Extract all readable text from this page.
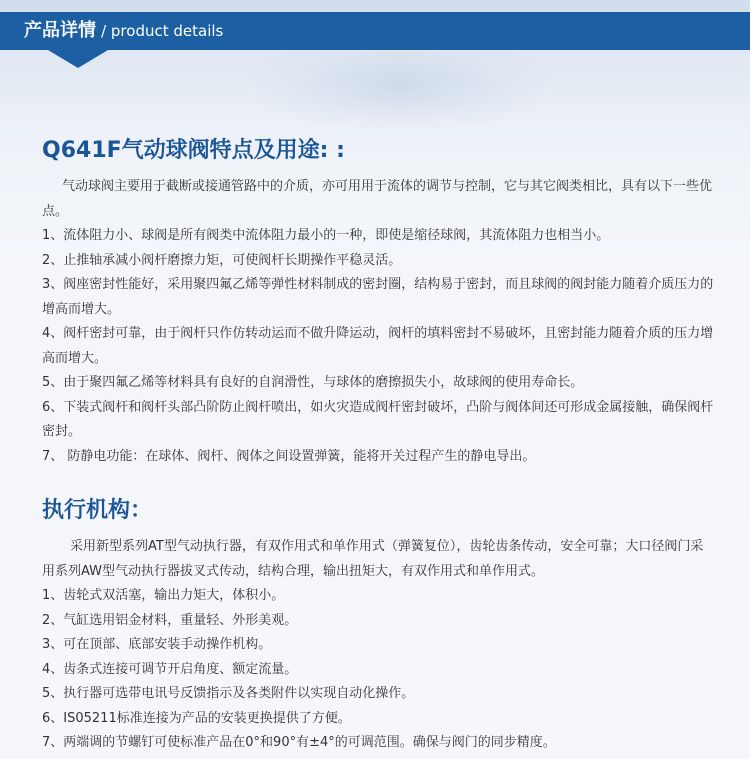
产品详情 / product details
Q641F气动球阀特点及用途: :

气动球阀主要用于截断或接通管路中的介质，亦可用用于流体的调节与控制，它与其它阀类相比，具有以下一些优点。

1、流体阻力小、球阀是所有阀类中流体阻力最小的一种，即使是缩径球阀，其流体阻力也相当小。

2、止推轴承减小阀杆磨擦力矩，可使阀杆长期操作平稳灵活。

3、阀座密封性能好，采用聚四氟乙烯等弹性材料制成的密封圈，结构易于密封，而且球阀的阀封能力随着介质压力的增高而增大。

4、阀杆密封可靠，由于阀杆只作仿转动运而不做升降运动，阀杆的填料密封不易破坏，且密封能力随着介质的压力增高而增大。

5、由于聚四氟乙烯等材料具有良好的自润滑性，与球体的磨擦损失小，故球阀的使用寿命长。

6、下装式阀杆和阀杆头部凸阶防止阀杆喷出，如火灾造成阀杆密封破坏，凸阶与阀体间还可形成金属接触，确保阀杆密封。

7、 防静电功能：在球体、阀杆、阀体之间设置弹簧，能将开关过程产生的静电导出。

执行机构：

采用新型系列AT型气动执行器，有双作用式和单作用式（弹簧复位），齿轮齿条传动，安全可靠；大口径阀门采用系列AW型气动执行器拔叉式传动，结构合理，输出扭矩大，有双作用式和单作用式。

1、齿轮式双活塞，输出力矩大，体积小。

2、气缸选用铝金材料，重量轻、外形美观。

3、可在顶部、底部安装手动操作机构。

4、齿条式连接可调节开启角度、额定流量。

5、执行器可选带电讯号反馈指示及各类附件以实现自动化操作。

6、IS05211标准连接为产品的安装更换提供了方便。

7、两端调的节螺钉可使标准产品在0°和90°有±4°的可调范围。确保与阀门的同步精度。
